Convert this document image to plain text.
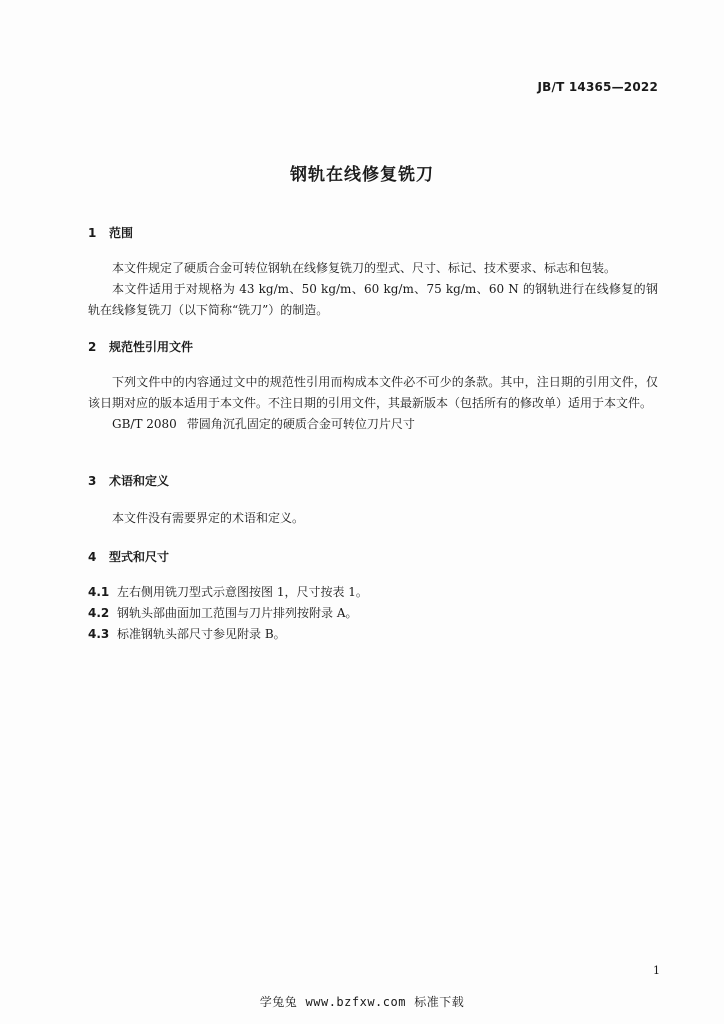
JB/T 14365—2022
钢轨在线修复铣刀
1 范围
本文件规定了硬质合金可转位钢轨在线修复铣刀的型式、尺寸、标记、技术要求、标志和包装。
本文件适用于对规格为 43 kg/m、50 kg/m、60 kg/m、75 kg/m、60 N 的钢轨进行在线修复的钢轨在线修复铣刀（以下简称“铣刀”）的制造。
2 规范性引用文件
下列文件中的内容通过文中的规范性引用而构成本文件必不可少的条款。其中，注日期的引用文件，仅该日期对应的版本适用于本文件。不注日期的引用文件，其最新版本（包括所有的修改单）适用于本文件。
GB/T 2080 带圆角沉孔固定的硬质合金可转位刀片尺寸
3 术语和定义
本文件没有需要界定的术语和定义。
4 型式和尺寸
4.1 左右侧用铣刀型式示意图按图 1，尺寸按表 1。
4.2 钢轨头部曲面加工范围与刀片排列按附录 A。
4.3 标准钢轨头部尺寸参见附录 B。
1
学兔兔 www.bzfxw.com 标准下载
